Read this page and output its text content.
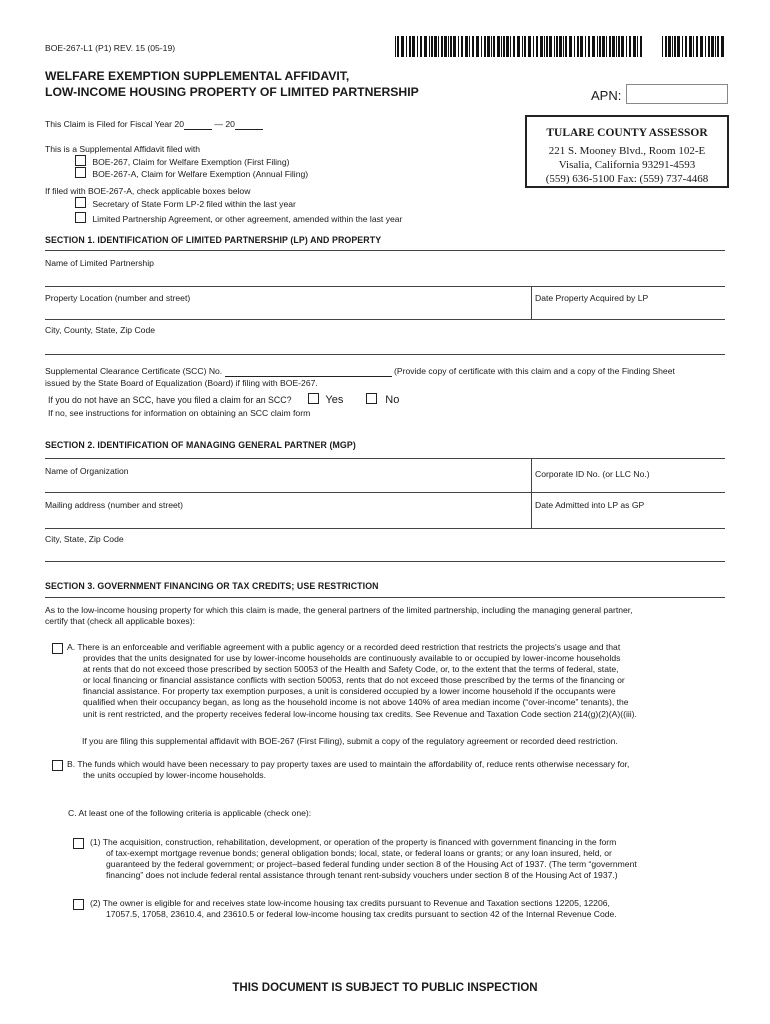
BOE-267-L1 (P1) REV. 15 (05-19)
WELFARE EXEMPTION SUPPLEMENTAL AFFIDAVIT,
LOW-INCOME HOUSING PROPERTY OF LIMITED PARTNERSHIP	APN:
TULARE COUNTY ASSESSOR
221 S. Mooney Blvd., Room 102-E
Visalia, California 93291-4593
(559) 636-5100 Fax: (559) 737-4468
This Claim is Filed for Fiscal Year 20	— 20
This is a Supplemental Affidavit filed with
BOE-267, Claim for Welfare Exemption (First Filing)
BOE-267-A, Claim for Welfare Exemption (Annual Filing)
If filed with BOE-267-A, check applicable boxes below
Secretary of State Form LP-2 filed within the last year
Limited Partnership Agreement, or other agreement, amended within the last year
SECTION 1. IDENTIFICATION OF LIMITED PARTNERSHIP (LP) AND PROPERTY
Name of Limited Partnership
Property Location (number and street)	Date Property Acquired by LP
City, County, State, Zip Code
Supplemental Clearance Certificate (SCC) No.	(Provide copy of certificate with this claim and a copy of the Finding Sheet
issued by the State Board of Equalization (Board) if filing with BOE-267.
If you do not have an SCC, have you filed a claim for an SCC?	Yes	No
If no, see instructions for information on obtaining an SCC claim form
SECTION 2. IDENTIFICATION OF MANAGING GENERAL PARTNER (MGP)
Name of Organization	Corporate ID No. (or LLC No.)
Mailing address (number and street)	Date Admitted into LP as GP
City, State, Zip Code
SECTION 3. GOVERNMENT FINANCING OR TAX CREDITS; USE RESTRICTION
As to the low-income housing property for which this claim is made, the general partners of the limited partnership, including the managing general partner,
certify that (check all applicable boxes):
A. There is an enforceable and verifiable agreement with a public agency or a recorded deed restriction that restricts the projects's usage and that
provides that the units designated for use by lower-income households are continuously available to or occupied by lower-income households
at rents that do not exceed those prescribed by section 50053 of the Health and Safety Code, or, to the extent that the terms of federal, state,
or local financing or financial assistance conflicts with section 50053, rents that do not exceed those prescribed by the terms of the financing or
financial assistance. For property tax exemption purposes, a unit is considered occupied by a lower income household if the occupants were
qualified when their occupancy began, as long as the household income is not above 140% of area median income (“over-income” tenants), the
unit is rent restricted, and the property receives federal low-income housing tax credits. See Revenue and Taxation Code section 214(g)(2)(A)((iii).
If you are filing this supplemental affidavit with BOE-267 (First Filing), submit a copy of the regulatory agreement or recorded deed restriction.
B. The funds which would have been necessary to pay property taxes are used to maintain the affordability of, reduce rents otherwise necessary for,
the units occupied by lower-income households.
C. At least one of the following criteria is applicable (check one):
(1) The acquisition, construction, rehabilitation, development, or operation of the property is financed with government financing in the form
of tax-exempt mortgage revenue bonds; general obligation bonds; local, state, or federal loans or grants; or any loan insured, held, or
guaranteed by the federal government; or project–based federal funding under section 8 of the Housing Act of 1937. (The term “government
financing” does not include federal rental assistance through tenant rent-subsidy vouchers under section 8 of the Housing Act of 1937.)
(2) The owner is eligible for and receives state low-income housing tax credits pursuant to Revenue and Taxation sections 12205, 12206,
17057.5, 17058, 23610.4, and 23610.5 or federal low-income housing tax credits pursuant to section 42 of the Internal Revenue Code.
THIS DOCUMENT IS SUBJECT TO PUBLIC INSPECTION
